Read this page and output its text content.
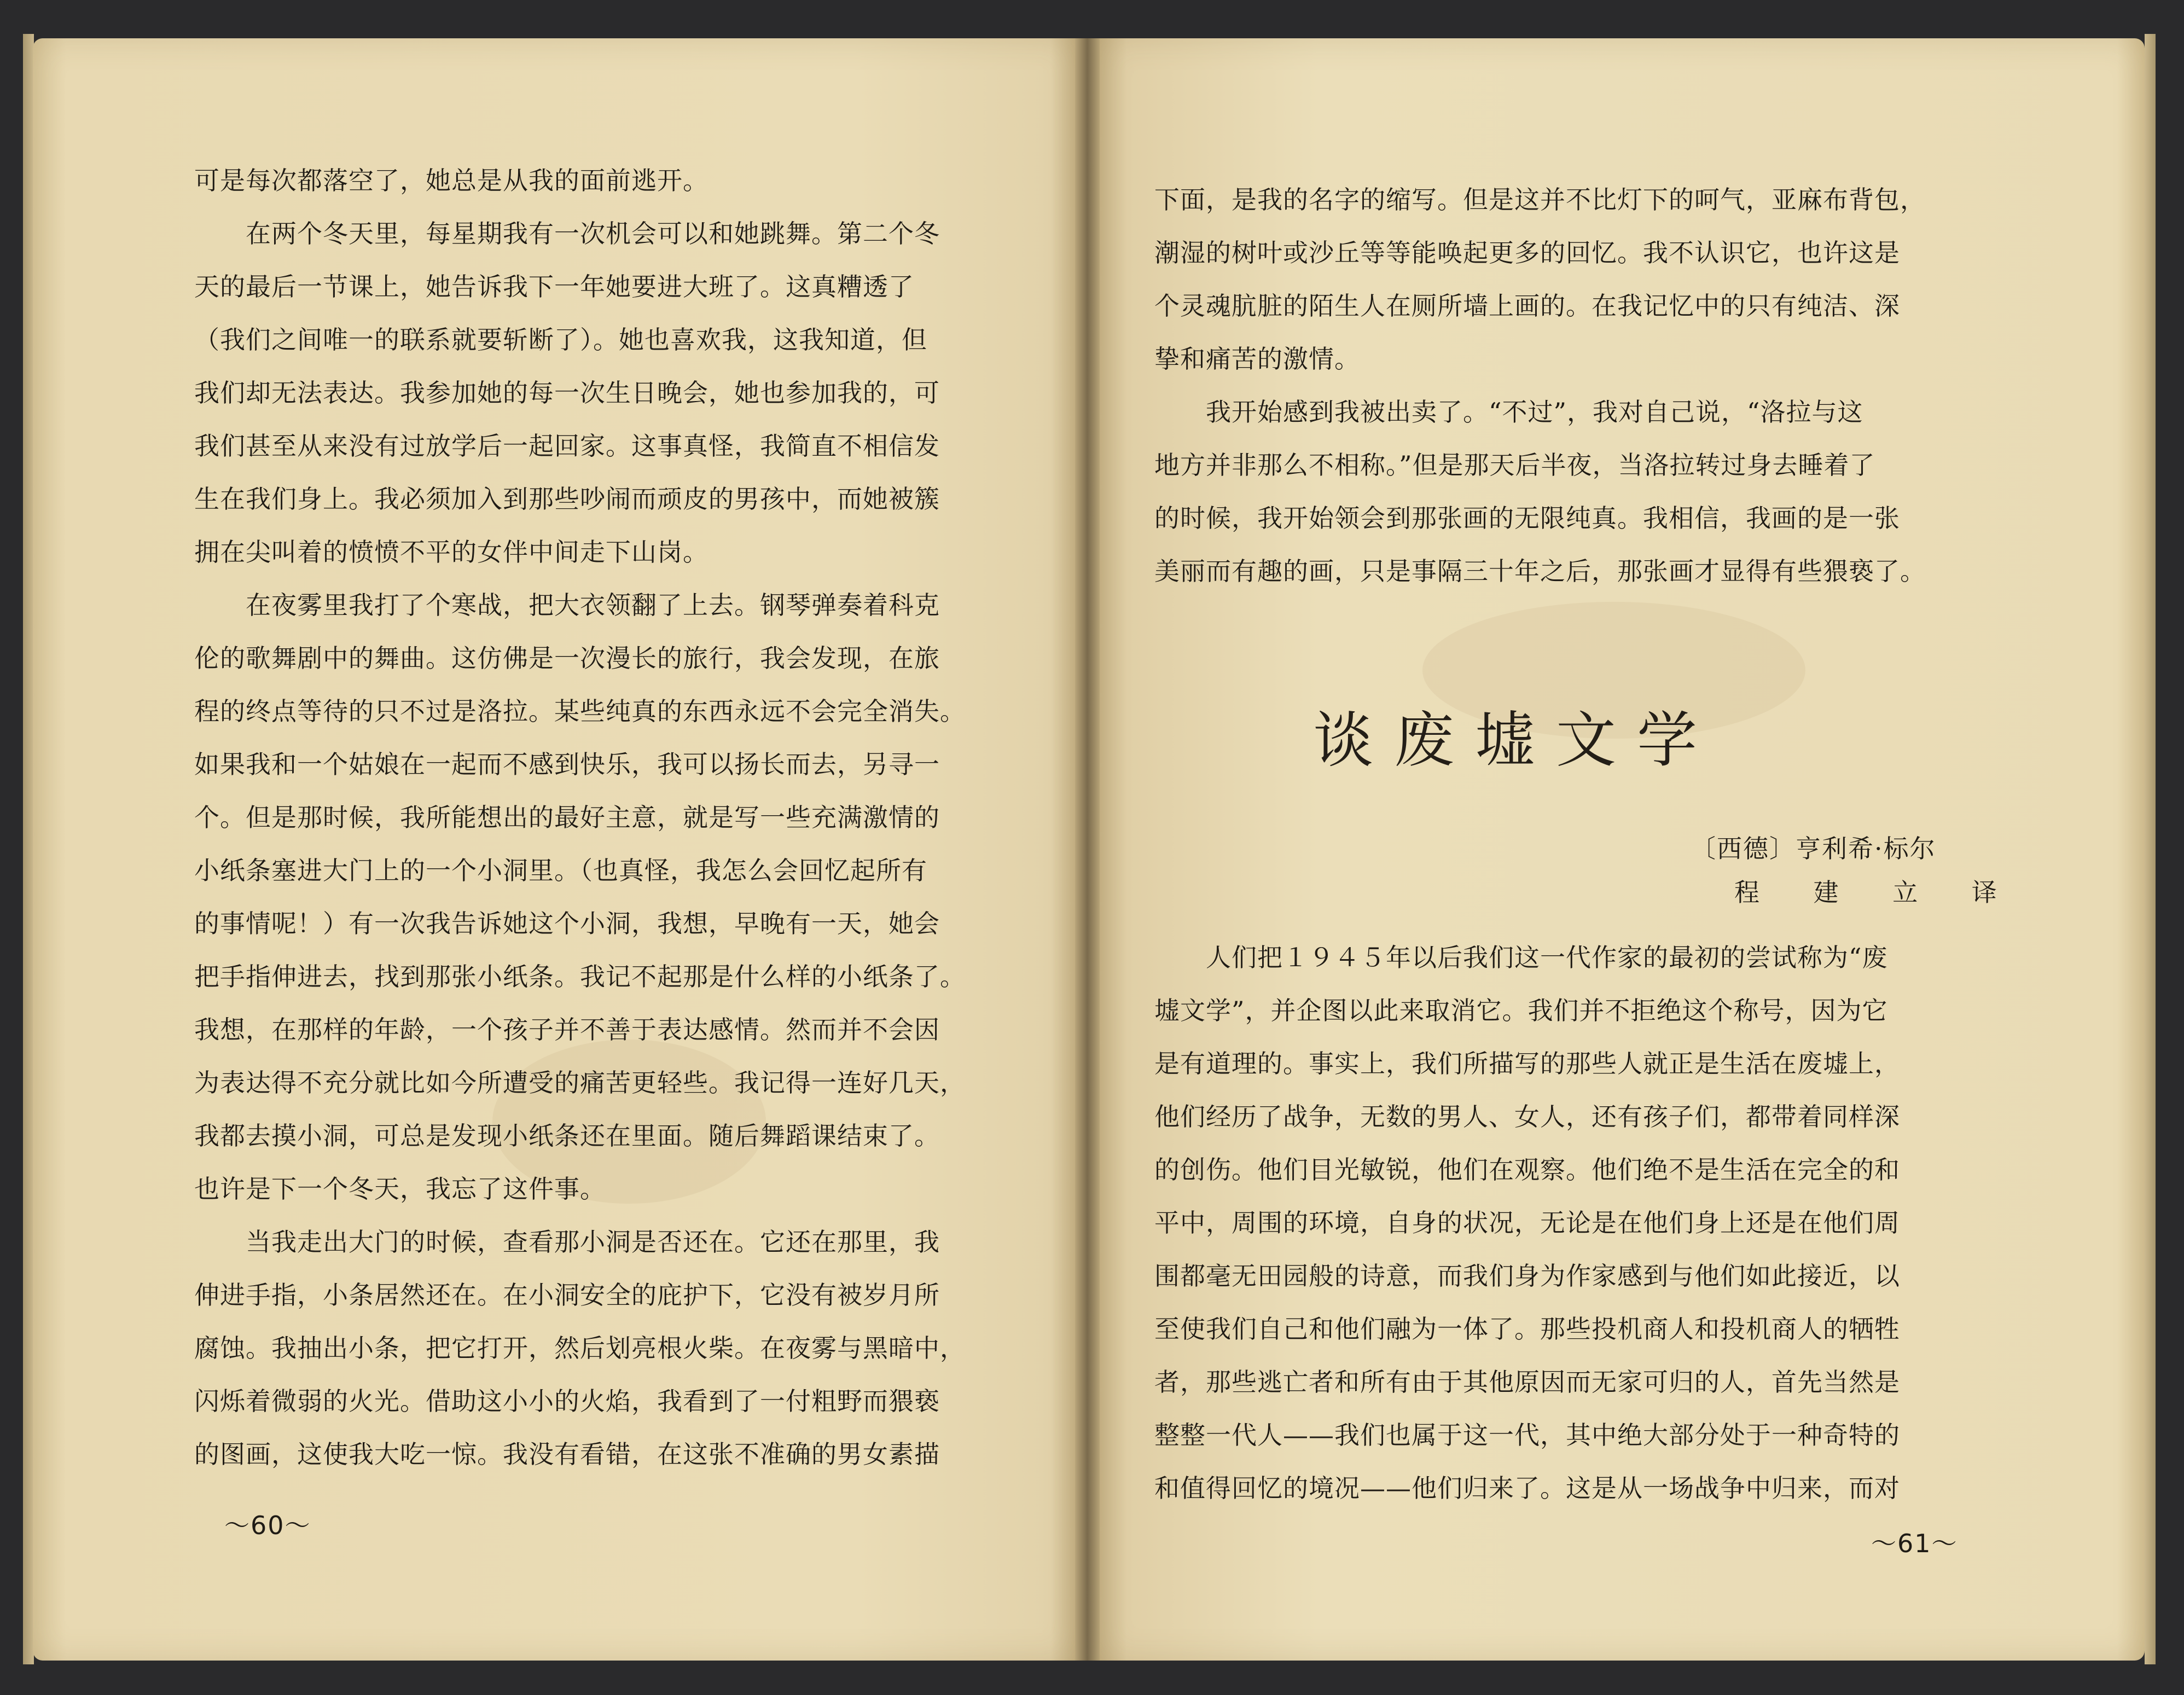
可是每次都落空了，她总是从我的面前逃开。
　　在两个冬天里，每星期我有一次机会可以和她跳舞。第二个冬
天的最后一节课上，她告诉我下一年她要进大班了。这真糟透了
（我们之间唯一的联系就要斩断了）。她也喜欢我，这我知道，但
我们却无法表达。我参加她的每一次生日晚会，她也参加我的，可
我们甚至从来没有过放学后一起回家。这事真怪，我简直不相信发
生在我们身上。我必须加入到那些吵闹而顽皮的男孩中，而她被簇
拥在尖叫着的愤愤不平的女伴中间走下山岗。
　　在夜雾里我打了个寒战，把大衣领翻了上去。钢琴弹奏着科克
伦的歌舞剧中的舞曲。这仿佛是一次漫长的旅行，我会发现，在旅
程的终点等待的只不过是洛拉。某些纯真的东西永远不会完全消失。
如果我和一个姑娘在一起而不感到快乐，我可以扬长而去，另寻一
个。但是那时候，我所能想出的最好主意，就是写一些充满激情的
小纸条塞进大门上的一个小洞里。（也真怪，我怎么会回忆起所有
的事情呢！）有一次我告诉她这个小洞，我想，早晚有一天，她会
把手指伸进去，找到那张小纸条。我记不起那是什么样的小纸条了。
我想，在那样的年龄，一个孩子并不善于表达感情。然而并不会因
为表达得不充分就比如今所遭受的痛苦更轻些。我记得一连好几天，
我都去摸小洞，可总是发现小纸条还在里面。随后舞蹈课结束了。
也许是下一个冬天，我忘了这件事。
　　当我走出大门的时候，查看那小洞是否还在。它还在那里，我
伸进手指，小条居然还在。在小洞安全的庇护下，它没有被岁月所
腐蚀。我抽出小条，把它打开，然后划亮根火柴。在夜雾与黑暗中，
闪烁着微弱的火光。借助这小小的火焰，我看到了一付粗野而猥亵
的图画，这使我大吃一惊。我没有看错，在这张不准确的男女素描
～60～
下面，是我的名字的缩写。但是这并不比灯下的呵气，亚麻布背包，
潮湿的树叶或沙丘等等能唤起更多的回忆。我不认识它，也许这是
个灵魂肮脏的陌生人在厕所墙上画的。在我记忆中的只有纯洁、深
挚和痛苦的激情。
　　我开始感到我被出卖了。“不过”，我对自己说，“洛拉与这
地方并非那么不相称。”但是那天后半夜，当洛拉转过身去睡着了
的时候，我开始领会到那张画的无限纯真。我相信，我画的是一张
美丽而有趣的画，只是事隔三十年之后，那张画才显得有些猥亵了。
谈废墟文学
〔西德〕亨利希·标尔
程 建 立 译
　　人们把１９４５年以后我们这一代作家的最初的尝试称为“废
墟文学”，并企图以此来取消它。我们并不拒绝这个称号，因为它
是有道理的。事实上，我们所描写的那些人就正是生活在废墟上，
他们经历了战争，无数的男人、女人，还有孩子们，都带着同样深
的创伤。他们目光敏锐，他们在观察。他们绝不是生活在完全的和
平中，周围的环境，自身的状况，无论是在他们身上还是在他们周
围都毫无田园般的诗意，而我们身为作家感到与他们如此接近，以
至使我们自己和他们融为一体了。那些投机商人和投机商人的牺牲
者，那些逃亡者和所有由于其他原因而无家可归的人，首先当然是
整整一代人——我们也属于这一代，其中绝大部分处于一种奇特的
和值得回忆的境况——他们归来了。这是从一场战争中归来，而对
～61～
